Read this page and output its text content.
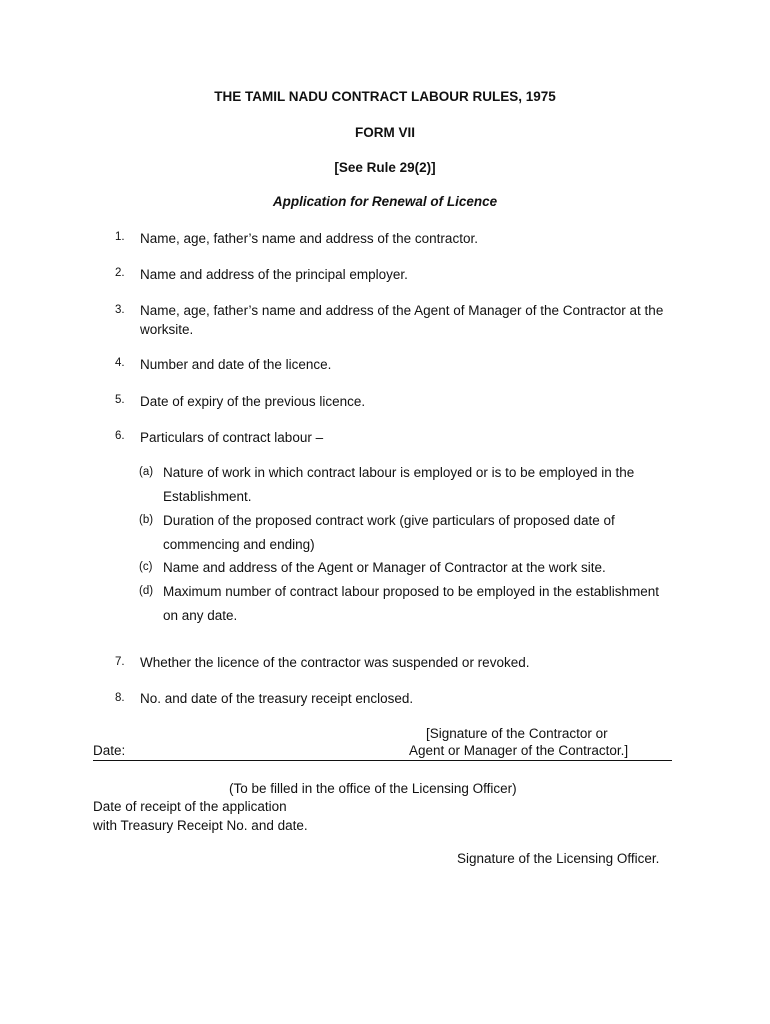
THE TAMIL NADU CONTRACT LABOUR RULES, 1975
FORM VII
[See Rule 29(2)]
Application for Renewal of Licence
1. Name, age, father’s name and address of the contractor.
2. Name and address of the principal employer.
3. Name, age, father’s name and address of the Agent of Manager of the Contractor at the worksite.
4. Number and date of the licence.
5. Date of expiry of the previous licence.
6. Particulars of contract labour –
(a) Nature of work in which contract labour is employed or is to be employed in the Establishment.
(b) Duration of the proposed contract work (give particulars of proposed date of commencing and ending)
(c) Name and address of the Agent or Manager of Contractor at the work site.
(d) Maximum number of contract labour proposed to be employed in the establishment on any date.
7. Whether the licence of the contractor was suspended or revoked.
8. No. and date of the treasury receipt enclosed.
[Signature of the Contractor or
Date:	Agent or Manager of the Contractor.]
(To be filled in the office of the Licensing Officer)
Date of receipt of the application
with Treasury Receipt No. and date.
Signature of the Licensing Officer.
